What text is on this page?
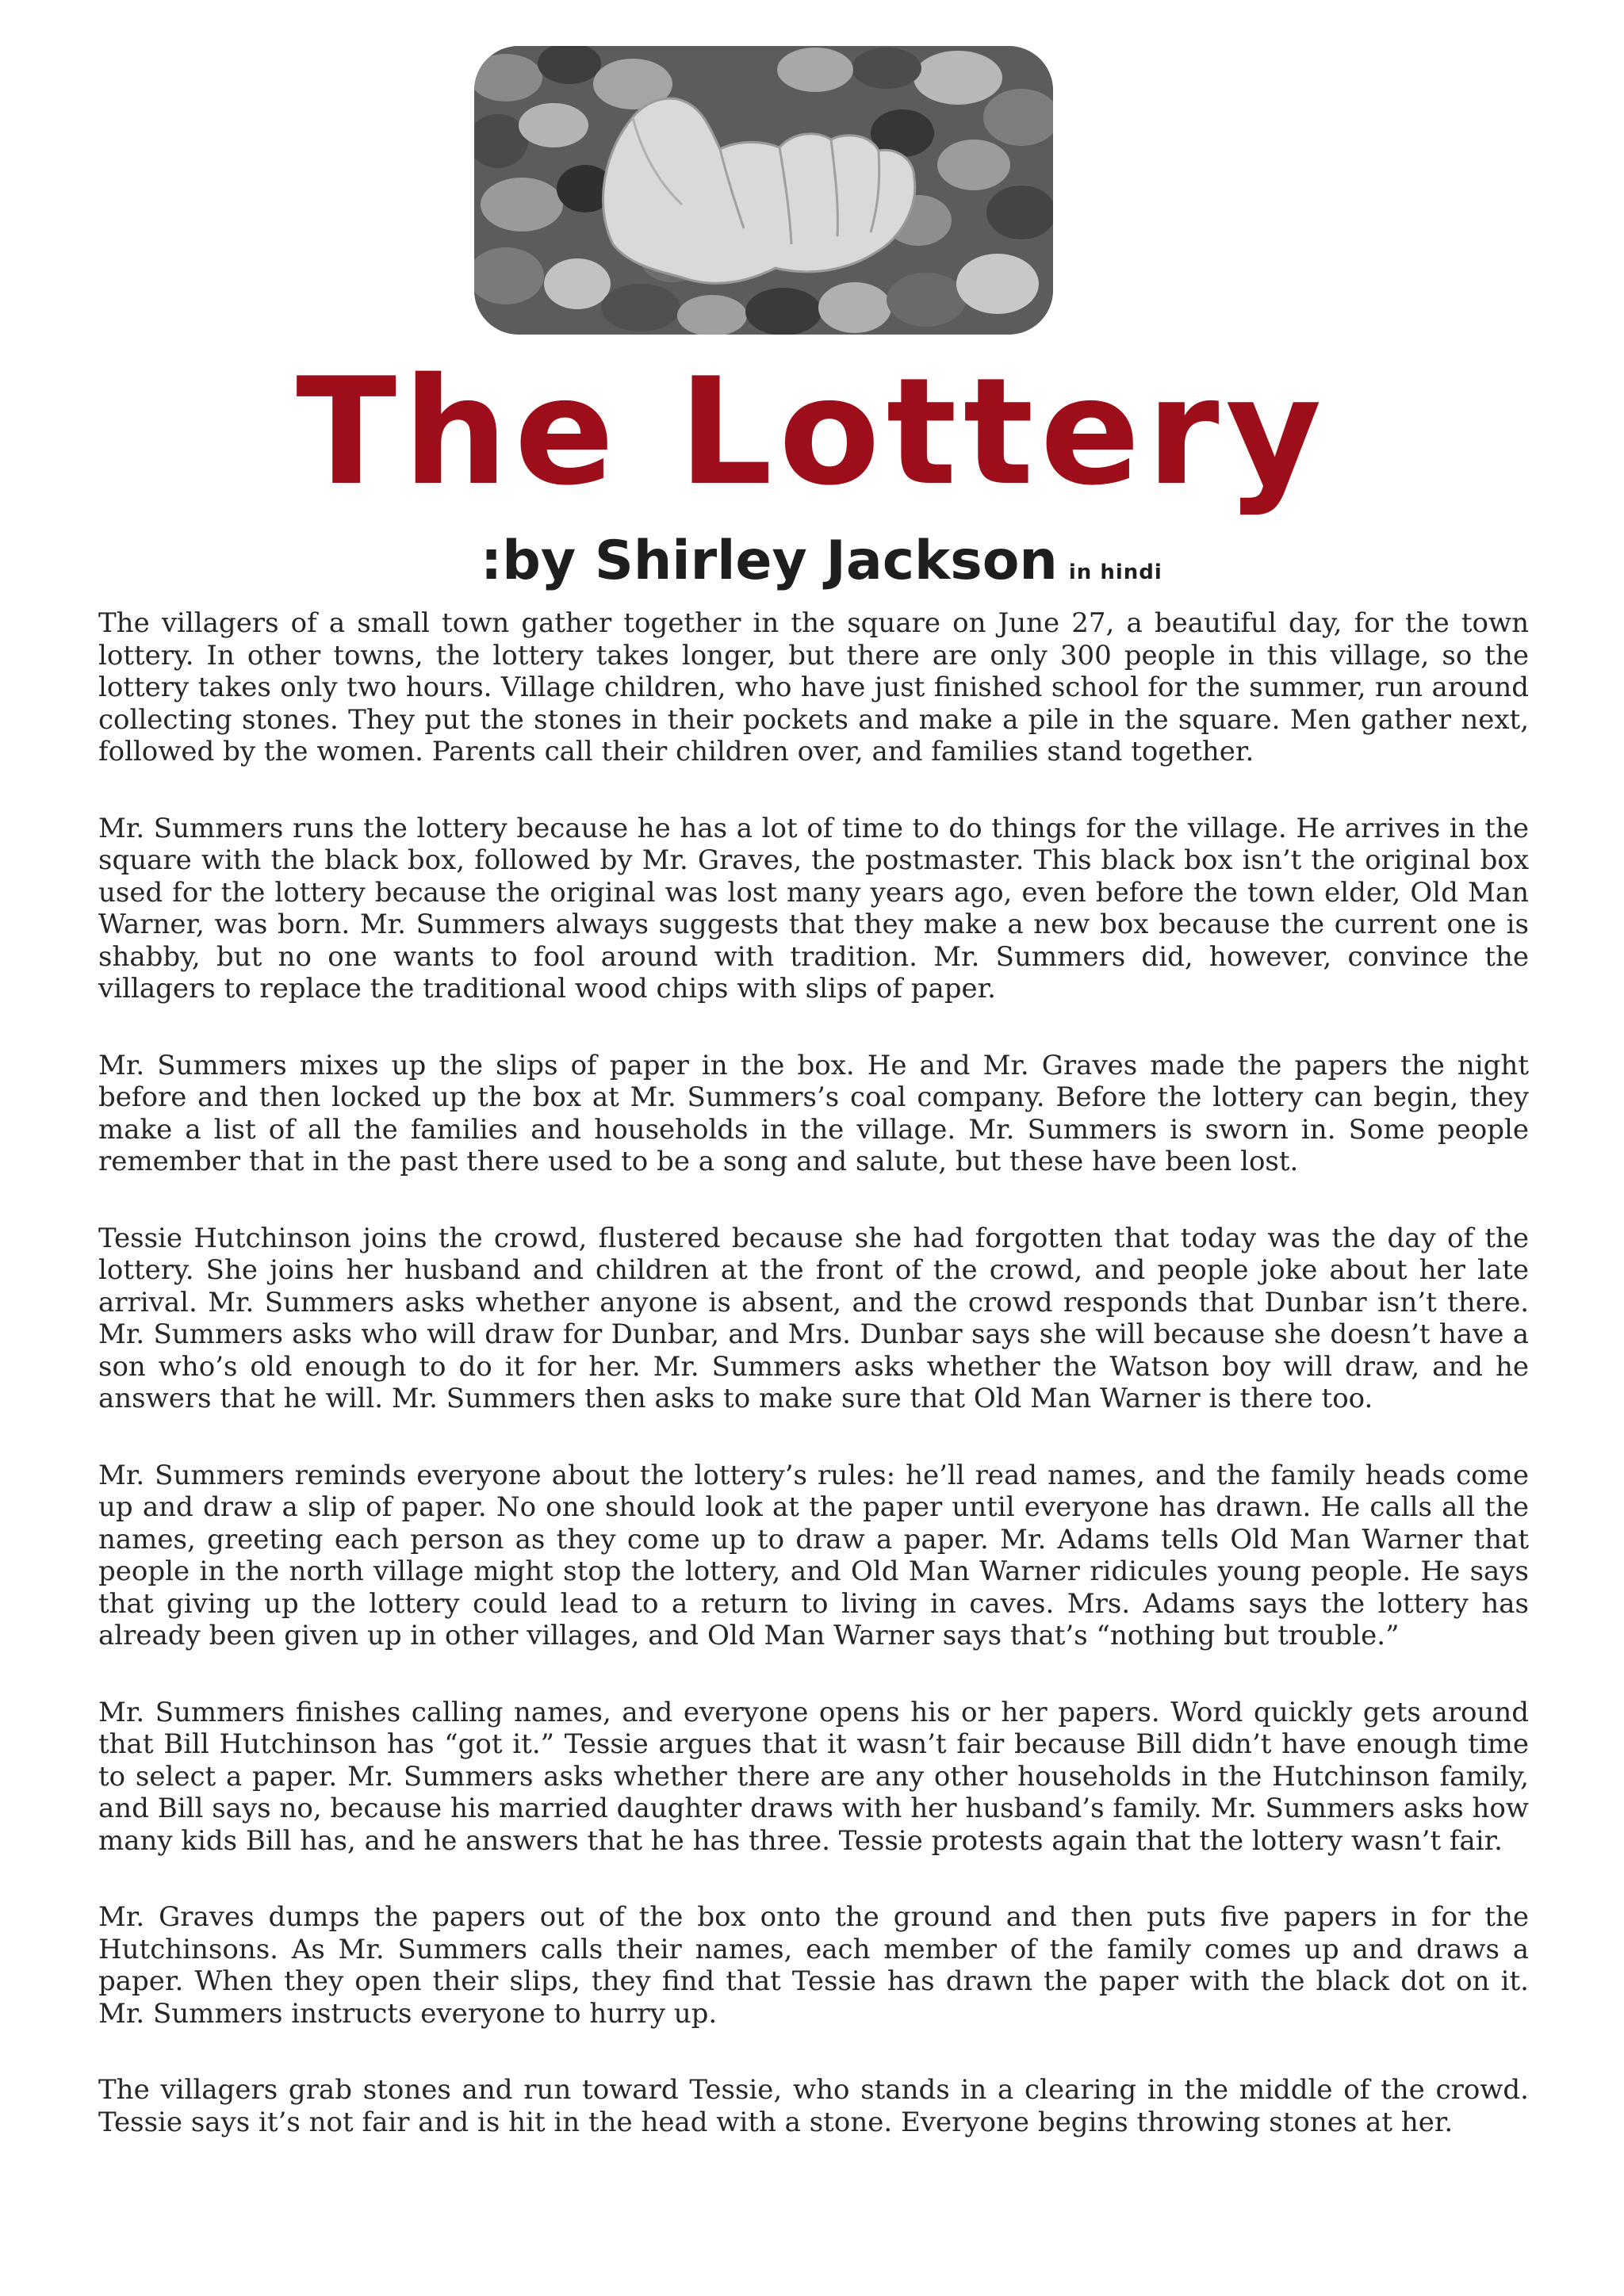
The Lottery
:by Shirley Jackson in hindi

The villagers of a small town gather together in the square on June 27, a beautiful day, for the town lottery. In other towns, the lottery takes longer, but there are only 300 people in this village, so the lottery takes only two hours. Village children, who have just finished school for the summer, run around collecting stones. They put the stones in their pockets and make a pile in the square. Men gather next, followed by the women. Parents call their children over, and families stand together.

Mr. Summers runs the lottery because he has a lot of time to do things for the village. He arrives in the square with the black box, followed by Mr. Graves, the postmaster. This black box isn’t the original box used for the lottery because the original was lost many years ago, even before the town elder, Old Man Warner, was born. Mr. Summers always suggests that they make a new box because the current one is shabby, but no one wants to fool around with tradition. Mr. Summers did, however, convince the villagers to replace the traditional wood chips with slips of paper.

Mr. Summers mixes up the slips of paper in the box. He and Mr. Graves made the papers the night before and then locked up the box at Mr. Summers’s coal company. Before the lottery can begin, they make a list of all the families and households in the village. Mr. Summers is sworn in. Some people remember that in the past there used to be a song and salute, but these have been lost.

Tessie Hutchinson joins the crowd, flustered because she had forgotten that today was the day of the lottery. She joins her husband and children at the front of the crowd, and people joke about her late arrival. Mr. Summers asks whether anyone is absent, and the crowd responds that Dunbar isn’t there. Mr. Summers asks who will draw for Dunbar, and Mrs. Dunbar says she will because she doesn’t have a son who’s old enough to do it for her. Mr. Summers asks whether the Watson boy will draw, and he answers that he will. Mr. Summers then asks to make sure that Old Man Warner is there too.

Mr. Summers reminds everyone about the lottery’s rules: he’ll read names, and the family heads come up and draw a slip of paper. No one should look at the paper until everyone has drawn. He calls all the names, greeting each person as they come up to draw a paper. Mr. Adams tells Old Man Warner that people in the north village might stop the lottery, and Old Man Warner ridicules young people. He says that giving up the lottery could lead to a return to living in caves. Mrs. Adams says the lottery has already been given up in other villages, and Old Man Warner says that’s “nothing but trouble.”

Mr. Summers finishes calling names, and everyone opens his or her papers. Word quickly gets around that Bill Hutchinson has “got it.” Tessie argues that it wasn’t fair because Bill didn’t have enough time to select a paper. Mr. Summers asks whether there are any other households in the Hutchinson family, and Bill says no, because his married daughter draws with her husband’s family. Mr. Summers asks how many kids Bill has, and he answers that he has three. Tessie protests again that the lottery wasn’t fair.

Mr. Graves dumps the papers out of the box onto the ground and then puts five papers in for the Hutchinsons. As Mr. Summers calls their names, each member of the family comes up and draws a paper. When they open their slips, they find that Tessie has drawn the paper with the black dot on it. Mr. Summers instructs everyone to hurry up.

The villagers grab stones and run toward Tessie, who stands in a clearing in the middle of the crowd. Tessie says it’s not fair and is hit in the head with a stone. Everyone begins throwing stones at her.
